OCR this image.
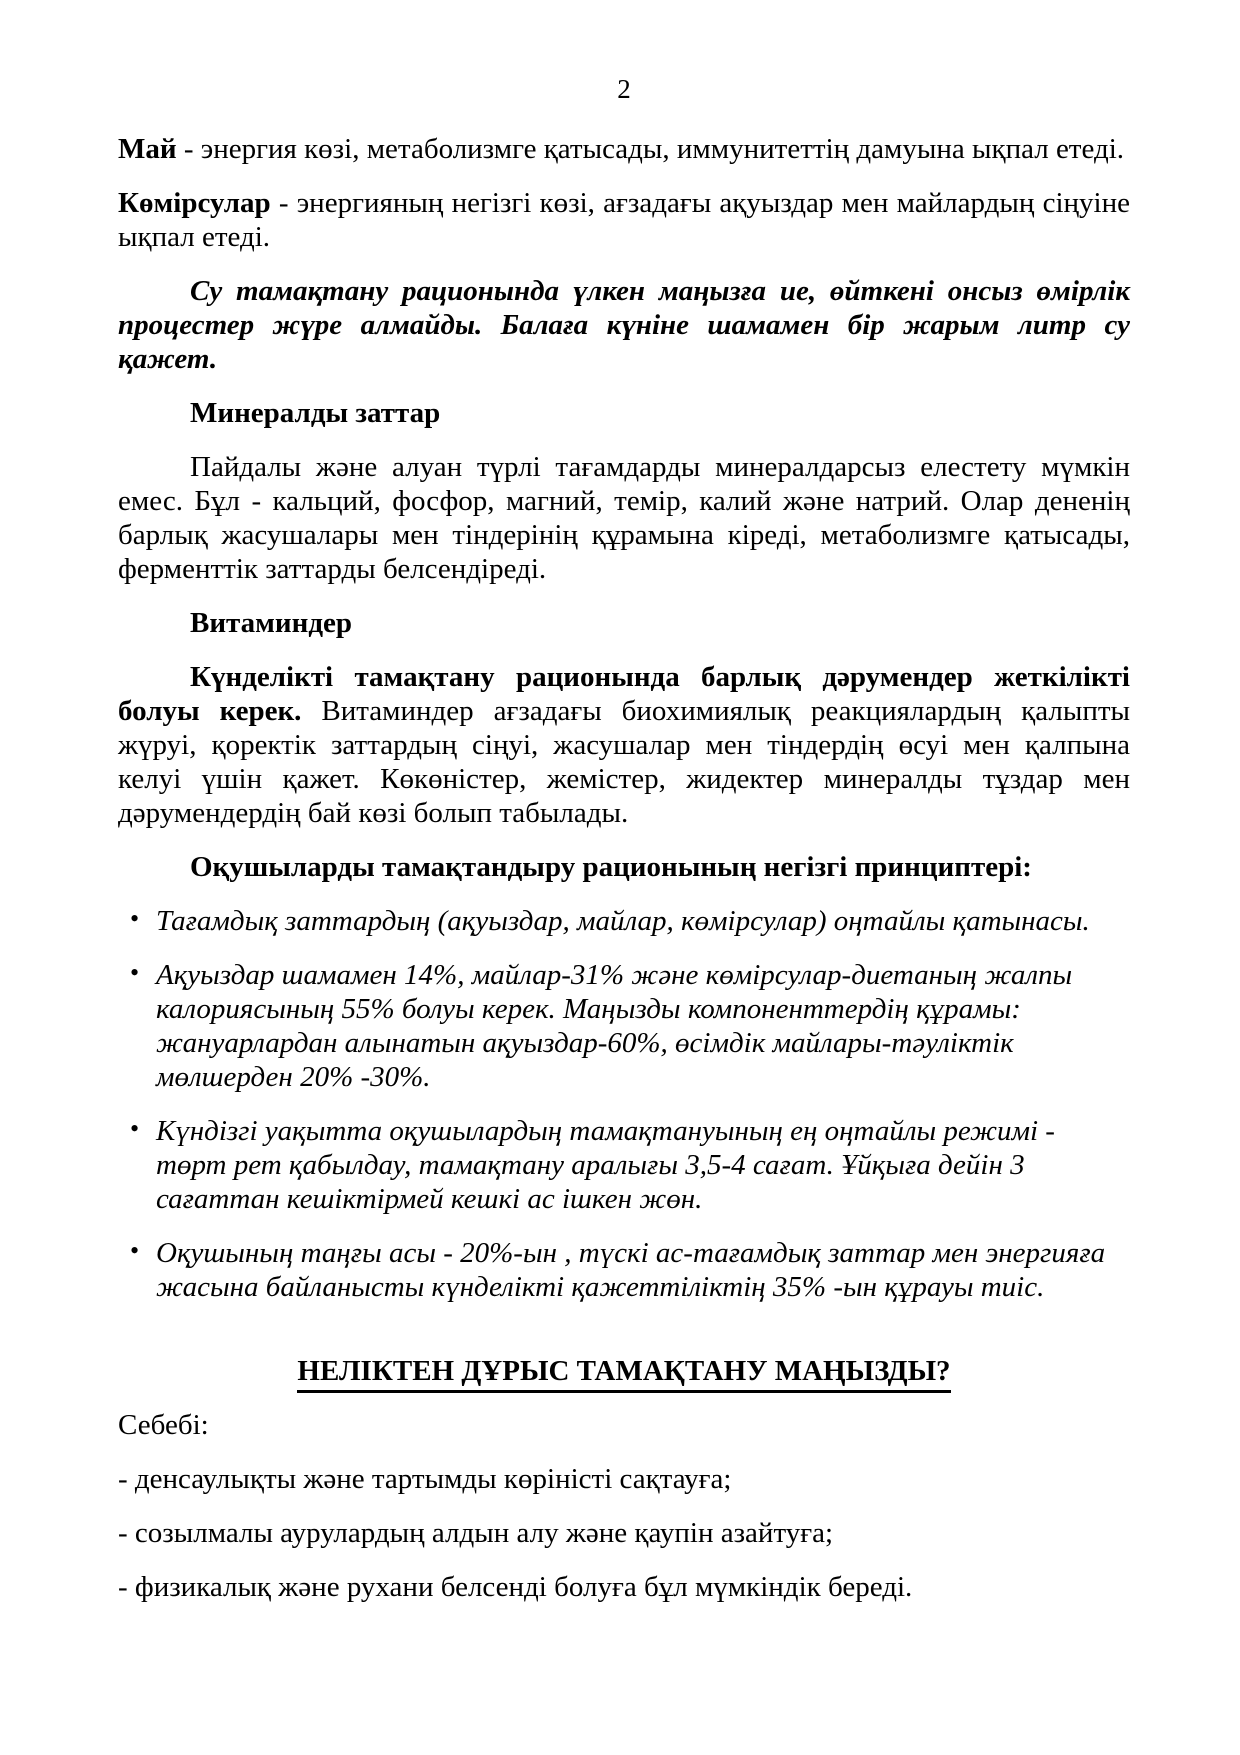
2

Май - энергия көзі, метаболизмге қатысады, иммунитеттің дамуына ықпал етеді.

Көмірсулар - энергияның негізгі көзі, ағзадағы ақуыздар мен майлардың сіңуіне ықпал етеді.

Су тамақтану рационында үлкен маңызға ие, өйткені онсыз өмірлік процестер жүре алмайды. Балаға күніне шамамен бір жарым литр су қажет.

Минералды заттар

Пайдалы және алуан түрлі тағамдарды минералдарсыз елестету мүмкін емес. Бұл - кальций, фосфор, магний, темір, калий және натрий. Олар дененің барлық жасушалары мен тіндерінің құрамына кіреді, метаболизмге қатысады, ферменттік заттарды белсендіреді.

Витаминдер

Күнделікті тамақтану рационында барлық дәрумендер жеткілікті болуы керек. Витаминдер ағзадағы биохимиялық реакциялардың қалыпты жүруі, қоректік заттардың сіңуі, жасушалар мен тіндердің өсуі мен қалпына келуі үшін қажет. Көкөністер, жемістер, жидектер минералды тұздар мен дәрумендердің бай көзі болып табылады.

Оқушыларды тамақтандыру рационының негізгі принциптері:

• Тағамдық заттардың (ақуыздар, майлар, көмірсулар) оңтайлы қатынасы.
• Ақуыздар шамамен 14%, майлар-31% және көмірсулар-диетаның жалпы калориясының 55% болуы керек. Маңызды компоненттердің құрамы: жануарлардан алынатын ақуыздар-60%, өсімдік майлары-тәуліктік мөлшерден 20% -30%.
• Күндізгі уақытта оқушылардың тамақтануының ең оңтайлы режимі - төрт рет қабылдау, тамақтану аралығы 3,5-4 сағат. Ұйқыға дейін 3 сағаттан кешіктірмей кешкі ас ішкен жөн.
• Оқушының таңғы асы - 20%-ын , түскі ас-тағамдық заттар мен энергияға жасына байланысты күнделікті қажеттіліктің 35% -ын құрауы тиіс.
НЕЛІКТЕН ДҰРЫС ТАМАҚТАНУ МАҢЫЗДЫ?

Себебі:

- денсаулықты және тартымды көріністі сақтауға;

- созылмалы аурулардың алдын алу және қаупін азайтуға;

- физикалық және рухани белсенді болуға бұл мүмкіндік береді.
